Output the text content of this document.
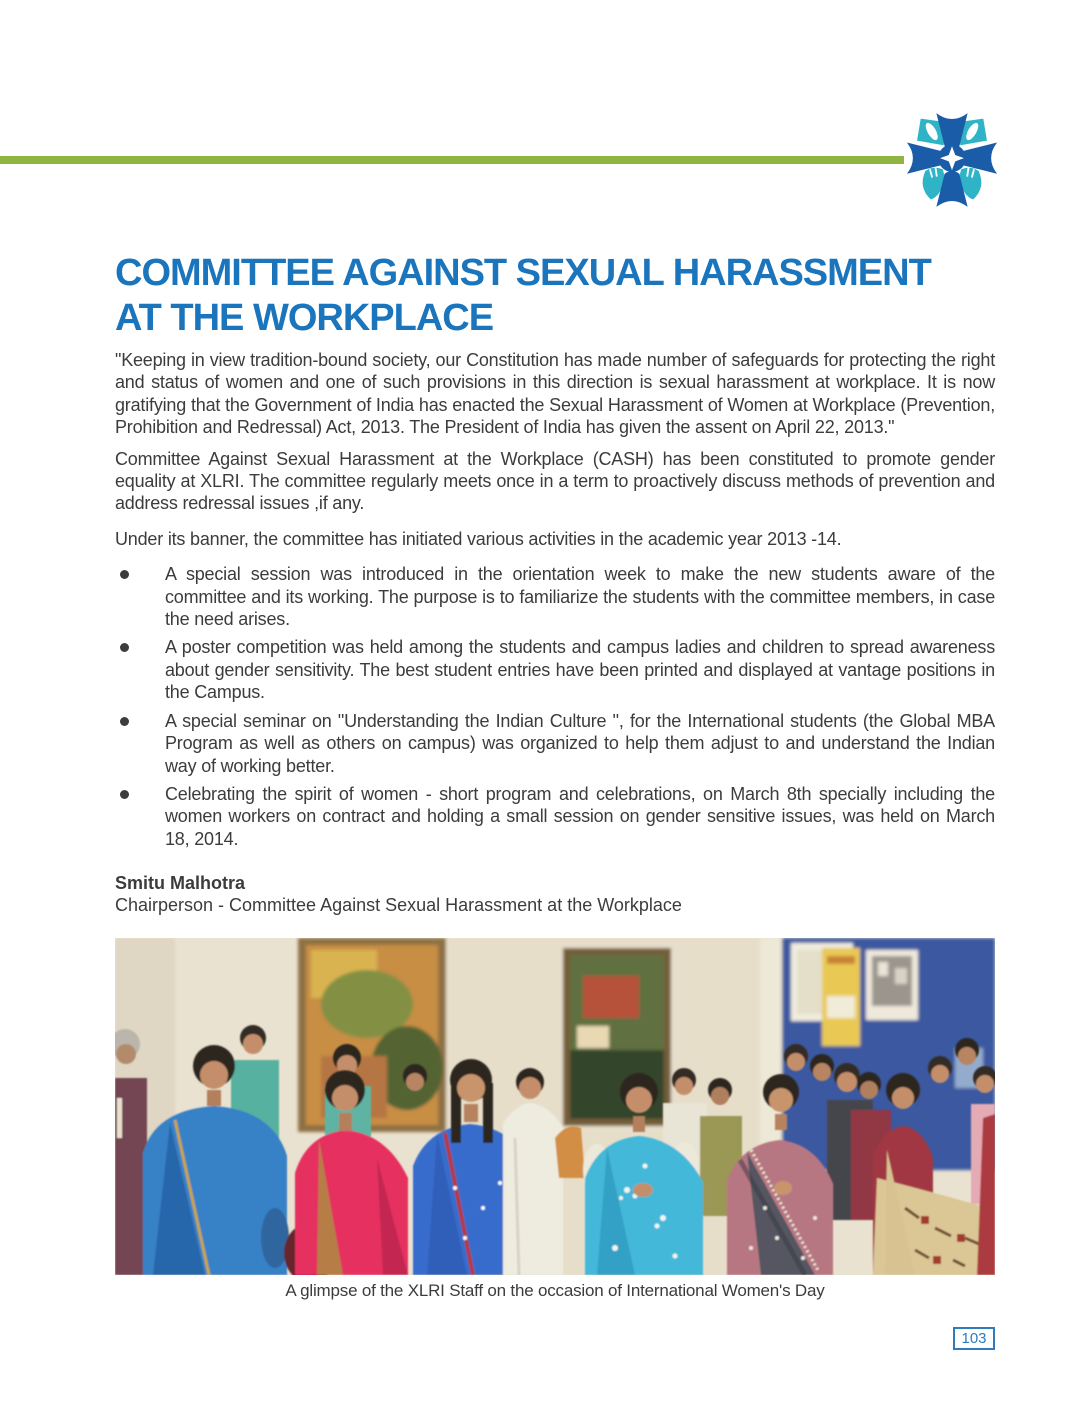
COMMITTEE AGAINST SEXUAL HARASSMENT
AT THE WORKPLACE

"Keeping in view tradition-bound society, our Constitution has made number of safeguards for protecting the right and status of women and one of such provisions in this direction is sexual harassment at workplace. It is now gratifying that the Government of India has enacted the Sexual Harassment of Women at Workplace (Prevention, Prohibition and Redressal) Act, 2013. The President of India has given the assent on April 22, 2013."

Committee Against Sexual Harassment at the Workplace (CASH) has been constituted to promote gender equality at XLRI. The committee regularly meets once in a term to proactively discuss methods of prevention and address redressal issues ,if any.

Under its banner, the committee has initiated various activities in the academic year 2013 -14.

A special session was introduced in the orientation week to make the new students aware of the committee and its working. The purpose is to familiarize the students with the committee members, in case the need arises.
A poster competition was held among the students and campus ladies and children to spread awareness about gender sensitivity. The best student entries have been printed and displayed at vantage positions in the Campus.
A special seminar on "Understanding the Indian Culture ", for the International students (the Global MBA Program as well as others on campus) was organized to help them adjust to and understand the Indian way of working better.
Celebrating the spirit of women - short program and celebrations, on March 8th specially including the women workers on contract and holding a small session on gender sensitive issues, was held on March 18, 2014.
Smitu Malhotra
Chairperson - Committee Against Sexual Harassment at the Workplace
A glimpse of the XLRI Staff on the occasion of International Women's Day
103
